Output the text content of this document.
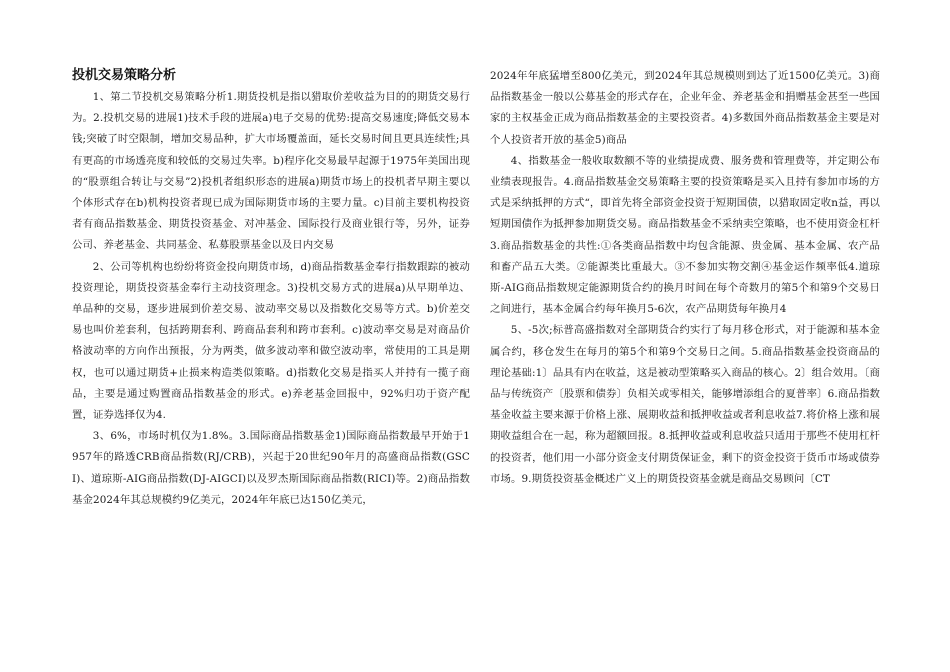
投机交易策略分析

1、第二节投机交易策略分析1.期货投机是指以猎取价差收益为目的的期货交易行为。2.投机交易的进展1)技术手段的进展a)电子交易的优势:提高交易速度;降低交易本钱;突破了时空限制，增加交易品种，扩大市场覆盖面，延长交易时间且更具连续性;具有更高的市场透亮度和较低的交易过失率。b)程序化交易最早起源于1975年美国出现的“股票组合转让与交易”2)投机者组织形态的进展a)期货市场上的投机者早期主要以个体形式存在b)机构投资者现已成为国际期货市场的主要力量。c)目前主要机构投资者有商品指数基金、期货投资基金、对冲基金、国际投行及商业银行等，另外，证券公司、养老基金、共同基金、私募股票基金以及日内交易

2、公司等机构也纷纷将资金投向期货市场，d)商品指数基金奉行指数跟踪的被动投资理论，期货投资基金奉行主动技资理念。3)投机交易方式的进展a)从早期单边、单品种的交易，逐步进展到价差交易、波动率交易以及指数化交易等方式。b)价差交易也叫价差套利，包括跨期套利、跨商品套利和跨市套利。c)波动率交易是对商品价格波动率的方向作出预报，分为两类，做多波动率和做空波动率，常使用的工具是期权，也可以通过期货+止损来构造类似策略。d)指数化交易是指买人并持有一揽子商品，主要是通过购置商品指数基金的形式。e)养老基金回报中，92%归功于资产配置，证券选择仅为4.

3、6%，市场时机仅为1.8%。3.国际商品指数基金1)国际商品指数最早开始于1957年的路透CRB商品指数(RJ/CRB)，兴起于20世纪90年月的高盛商品指数(GSCI)、道琼斯-AIG商品指数(DJ-AIGCI)以及罗杰斯国际商品指数(RICI)等。2)商品指数基金2024年其总规模约9亿美元，2024年年底已达150亿美元，

2024年年底猛增至800亿美元，到2024年其总规模则到达了近1500亿美元。3)商品指数基金一般以公募基金的形式存在，企业年金、养老基金和捐赠基金甚至一些国家的主权基金正成为商品指数基金的主要投资者。4)多数国外商品指数基金主要是对个人投资者开放的基金5)商品

4、指数基金一般收取数额不等的业绩提成费、服务费和管理费等，并定期公布业绩表现报告。4.商品指数基金交易策略主要的投资策略是买入且持有参加市场的方式是采纳抵押的方式“，即首先将全部资金投资于短期国债，以猎取固定收n益，再以短期国债作为抵押参加期货交易。商品指数基金不采纳卖空策略，也不使用资金杠杆3.商品指数基金的共性:①各类商品指数中均包含能源、贵金属、基本金属、农产品和畜产品五大类。②能源类比重最大。③不参加实物交割④基金运作频率低4.道琼斯-AIG商品指数规定能源期货合约的换月时间在每个奇数月的第5个和第9个交易日之间进行，基本金属合约每年换月5-6次，农产品期货每年换月4

5、-5次;标普高盛指数对全部期货合约实行了每月移仓形式，对于能源和基本金属合约，移仓发生在每月的第5个和第9个交易日之间。5.商品指数基金投资商品的理论基础:1〕品具有内在收益，这是被动型策略买入商品的核心。2〕组合效用。〔商品与传统资产〔股票和债券〕负相关或零相关，能够增添组合的夏普率〕6.商品指数基金收益主要来源于价格上涨、展期收益和抵押收益或者利息收益7.将价格上涨和展期收益组合在一起，称为超额回报。8.抵押收益或利息收益只适用于那些不使用杠杆的投资者，他们用一小部分资金支付期货保证金，剩下的资金投资于货币市场或债券市场。9.期货投资基金概述广义上的期货投资基金就是商品交易顾问〔CT
